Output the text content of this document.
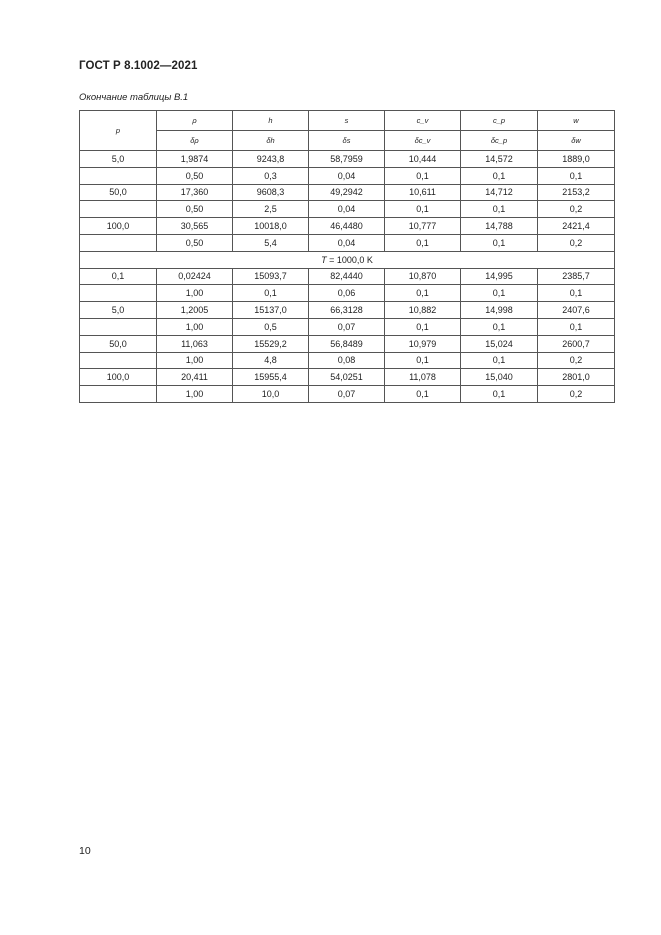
ГОСТ Р 8.1002—2021
Окончание таблицы В.1
p	ρ	h	s	c_v	c_p	w
	δρ	δh	δs	δc_v	δc_p	δw
5,0	1,9874	9243,8	58,7959	10,444	14,572	1889,0
	0,50	0,3	0,04	0,1	0,1	0,1
50,0	17,360	9608,3	49,2942	10,611	14,712	2153,2
	0,50	2,5	0,04	0,1	0,1	0,2
100,0	30,565	10018,0	46,4480	10,777	14,788	2421,4
	0,50	5,4	0,04	0,1	0,1	0,2
T = 1000,0 K						
0,1	0,02424	15093,7	82,4440	10,870	14,995	2385,7
	1,00	0,1	0,06	0,1	0,1	0,1
5,0	1,2005	15137,0	66,3128	10,882	14,998	2407,6
	1,00	0,5	0,07	0,1	0,1	0,1
50,0	11,063	15529,2	56,8489	10,979	15,024	2600,7
	1,00	4,8	0,08	0,1	0,1	0,2
100,0	20,411	15955,4	54,0251	11,078	15,040	2801,0
	1,00	10,0	0,07	0,1	0,1	0,2
10
